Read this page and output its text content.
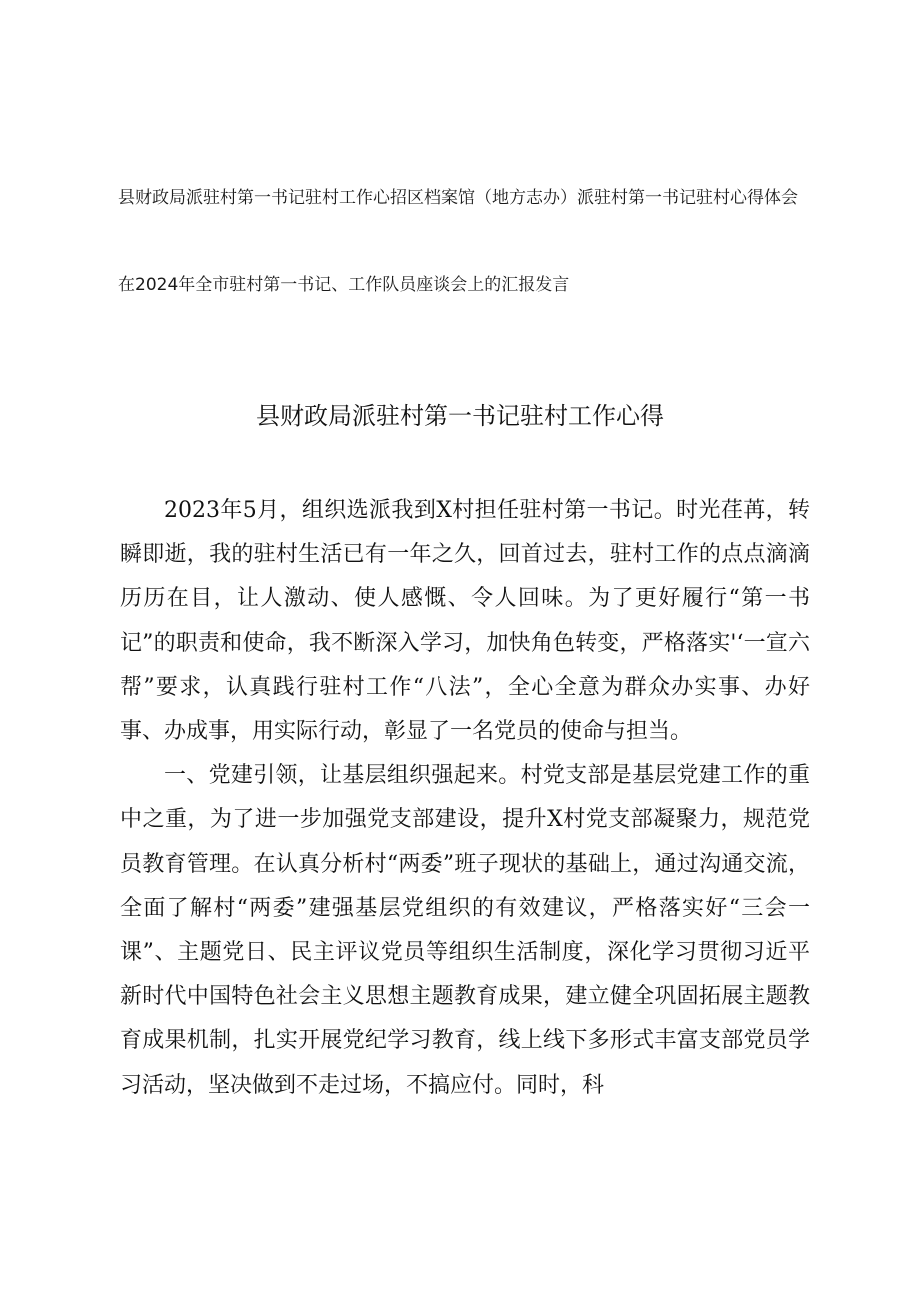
县财政局派驻村第一书记驻村工作心招区档案馆（地方志办）派驻村第一书记驻村心得体会
在2024年全市驻村第一书记、工作队员座谈会上的汇报发言
县财政局派驻村第一书记驻村工作心得

2023年5月，组织选派我到X村担任驻村第一书记。时光荏苒，转瞬即逝，我的驻村生活已有一年之久，回首过去，驻村工作的点点滴滴历历在目，让人激动、使人感慨、令人回味。为了更好履行“第一书记”的职责和使命，我不断深入学习，加快角色转变，严格落实'‘一宣六帮”要求，认真践行驻村工作“八法”，全心全意为群众办实事、办好事、办成事，用实际行动，彰显了一名党员的使命与担当。

一、党建引领，让基层组织强起来。村党支部是基层党建工作的重中之重，为了进一步加强党支部建设，提升X村党支部凝聚力，规范党员教育管理。在认真分析村“两委”班子现状的基础上，通过沟通交流，全面了解村“两委”建强基层党组织的有效建议，严格落实好“三会一课”、主题党日、民主评议党员等组织生活制度，深化学习贯彻习近平新时代中国特色社会主义思想主题教育成果，建立健全巩固拓展主题教育成果机制，扎实开展党纪学习教育，线上线下多形式丰富支部党员学习活动，坚决做到不走过场，不搞应付。同时，科
